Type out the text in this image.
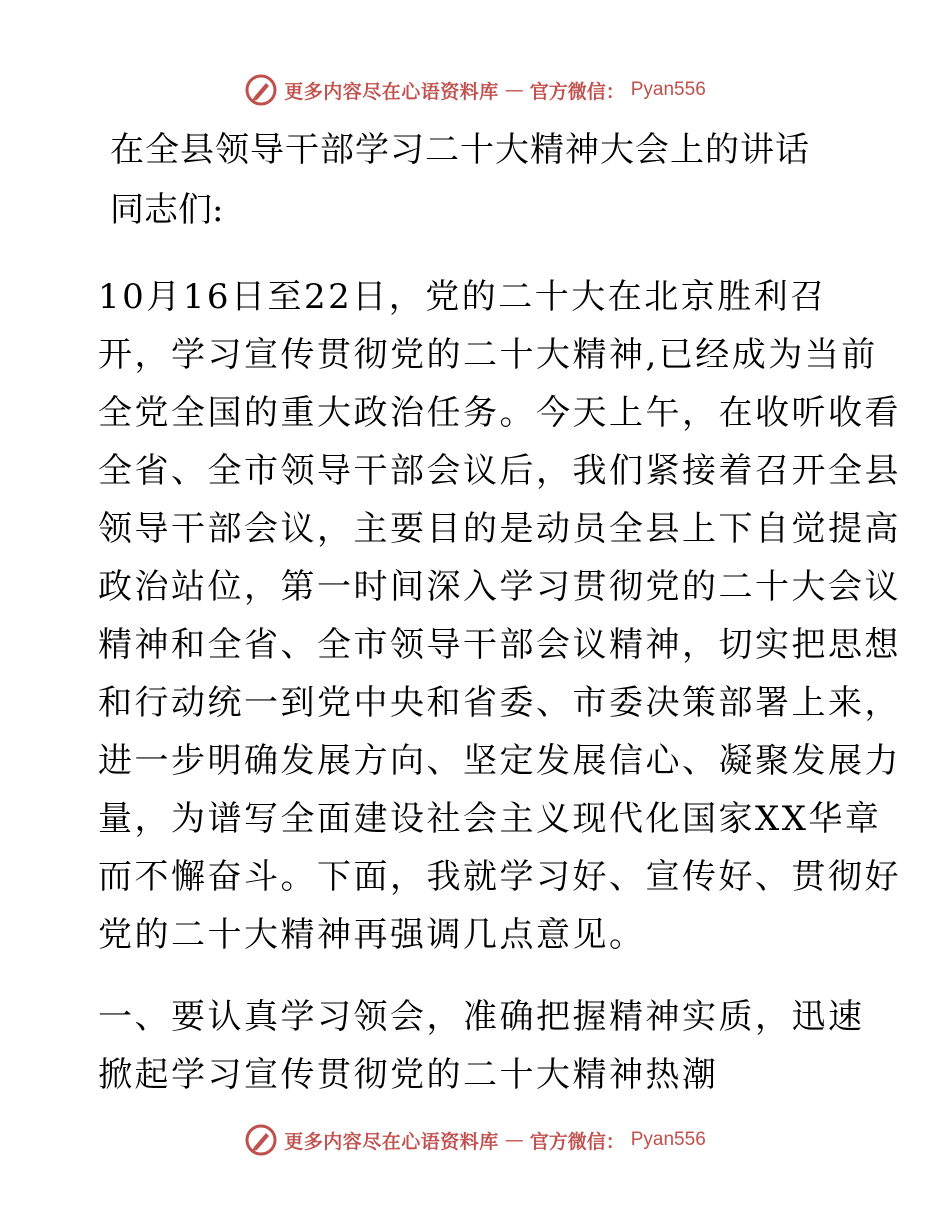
更多内容尽在心语资料库 — 官方微信： Pyan556
在全县领导干部学习二十大精神大会上的讲话
同志们:
10月16日至22日，党的二十大在北京胜利召
开，学习宣传贯彻党的二十大精神,已经成为当前
全党全国的重大政治任务。今天上午，在收听收看
全省、全市领导干部会议后，我们紧接着召开全县
领导干部会议，主要目的是动员全县上下自觉提高
政治站位，第一时间深入学习贯彻党的二十大会议
精神和全省、全市领导干部会议精神，切实把思想
和行动统一到党中央和省委、市委决策部署上来，
进一步明确发展方向、坚定发展信心、凝聚发展力
量，为谱写全面建设社会主义现代化国家XX华章
而不懈奋斗。下面，我就学习好、宣传好、贯彻好
党的二十大精神再强调几点意见。
一、要认真学习领会，准确把握精神实质，迅速
掀起学习宣传贯彻党的二十大精神热潮
更多内容尽在心语资料库 — 官方微信： Pyan556
